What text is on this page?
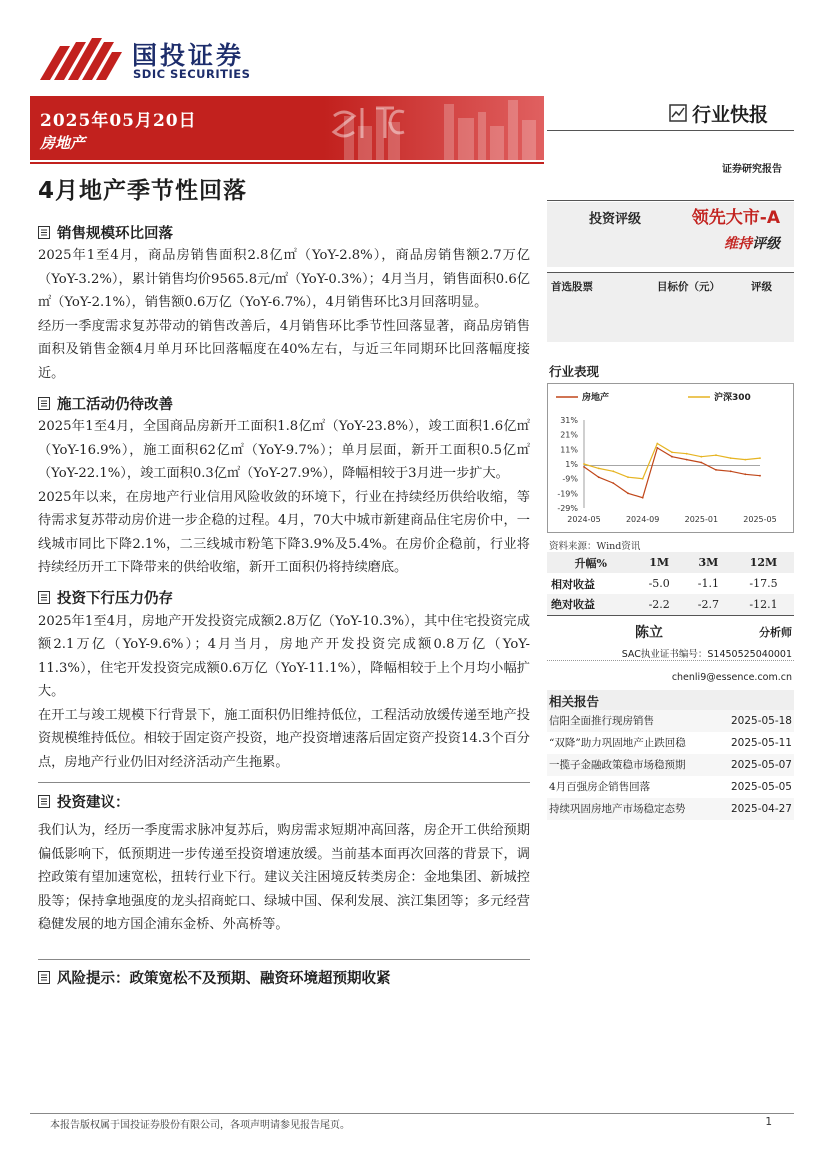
国投证券
SDIC SECURITIES
2025年05月20日
房地产
行业快报
证券研究报告
4月地产季节性回落
销售规模环比回落

2025年1至4月，商品房销售面积2.8亿㎡（YoY-2.8%），商品房销售额2.7万亿（YoY-3.2%），累计销售均价9565.8元/㎡（YoY-0.3%）；4月当月，销售面积0.6亿㎡（YoY-2.1%），销售额0.6万亿（YoY-6.7%），4月销售环比3月回落明显。

经历一季度需求复苏带动的销售改善后，4月销售环比季节性回落显著，商品房销售面积及销售金额4月单月环比回落幅度在40%左右，与近三年同期环比回落幅度接近。

施工活动仍待改善

2025年1至4月，全国商品房新开工面积1.8亿㎡（YoY-23.8%），竣工面积1.6亿㎡（YoY-16.9%），施工面积62亿㎡（YoY-9.7%）；单月层面，新开工面积0.5亿㎡（YoY-22.1%），竣工面积0.3亿㎡（YoY-27.9%），降幅相较于3月进一步扩大。

2025年以来，在房地产行业信用风险收敛的环境下，行业在持续经历供给收缩，等待需求复苏带动房价进一步企稳的过程。4月，70大中城市新建商品住宅房价中，一线城市同比下降2.1%，二三线城市粉笔下降3.9%及5.4%。在房价企稳前，行业将持续经历开工下降带来的供给收缩，新开工面积仍将持续磨底。

投资下行压力仍存

2025年1至4月，房地产开发投资完成额2.8万亿（YoY-10.3%），其中住宅投资完成额2.1万亿（YoY-9.6%）；4月当月，房地产开发投资完成额0.8万亿（YoY-11.3%），住宅开发投资完成额0.6万亿（YoY-11.1%），降幅相较于上个月均小幅扩大。

在开工与竣工规模下行背景下，施工面积仍旧维持低位，工程活动放缓传递至地产投资规模维持低位。相较于固定资产投资，地产投资增速落后固定资产投资14.3个百分点，房地产行业仍旧对经济活动产生拖累。

投资建议：

我们认为，经历一季度需求脉冲复苏后，购房需求短期冲高回落，房企开工供给预期偏低影响下，低预期进一步传递至投资增速放缓。当前基本面再次回落的背景下，调控政策有望加速宽松，扭转行业下行。建议关注困境反转类房企：金地集团、新城控股等；保持拿地强度的龙头招商蛇口、绿城中国、保利发展、滨江集团等；多元经营稳健发展的地方国企浦东金桥、外高桥等。

风险提示：政策宽松不及预期、融资环境超预期收紧
投资评级	领先大市-A
维持评级
首选股票	目标价（元）	评级
行业表现
房地产	沪深300
31%
21%
11%
1%
-9%
-19%
-29%
2024-05	2024-09	2025-01	2025-05
资料来源：Wind资讯
升幅%	1M	3M	12M
相对收益	-5.0	-1.1	-17.5
绝对收益	-2.2	-2.7	-12.1
陈立	分析师
SAC执业证书编号：S1450525040001
chenli9@essence.com.cn
相关报告
信阳全面推行现房销售	2025-05-18
“双降”助力巩固地产止跌回稳	2025-05-11
一揽子金融政策稳市场稳预期	2025-05-07
4月百强房企销售回落	2025-05-05
持续巩固房地产市场稳定态势	2025-04-27
本报告版权属于国投证券股份有限公司，各项声明请参见报告尾页。	1
